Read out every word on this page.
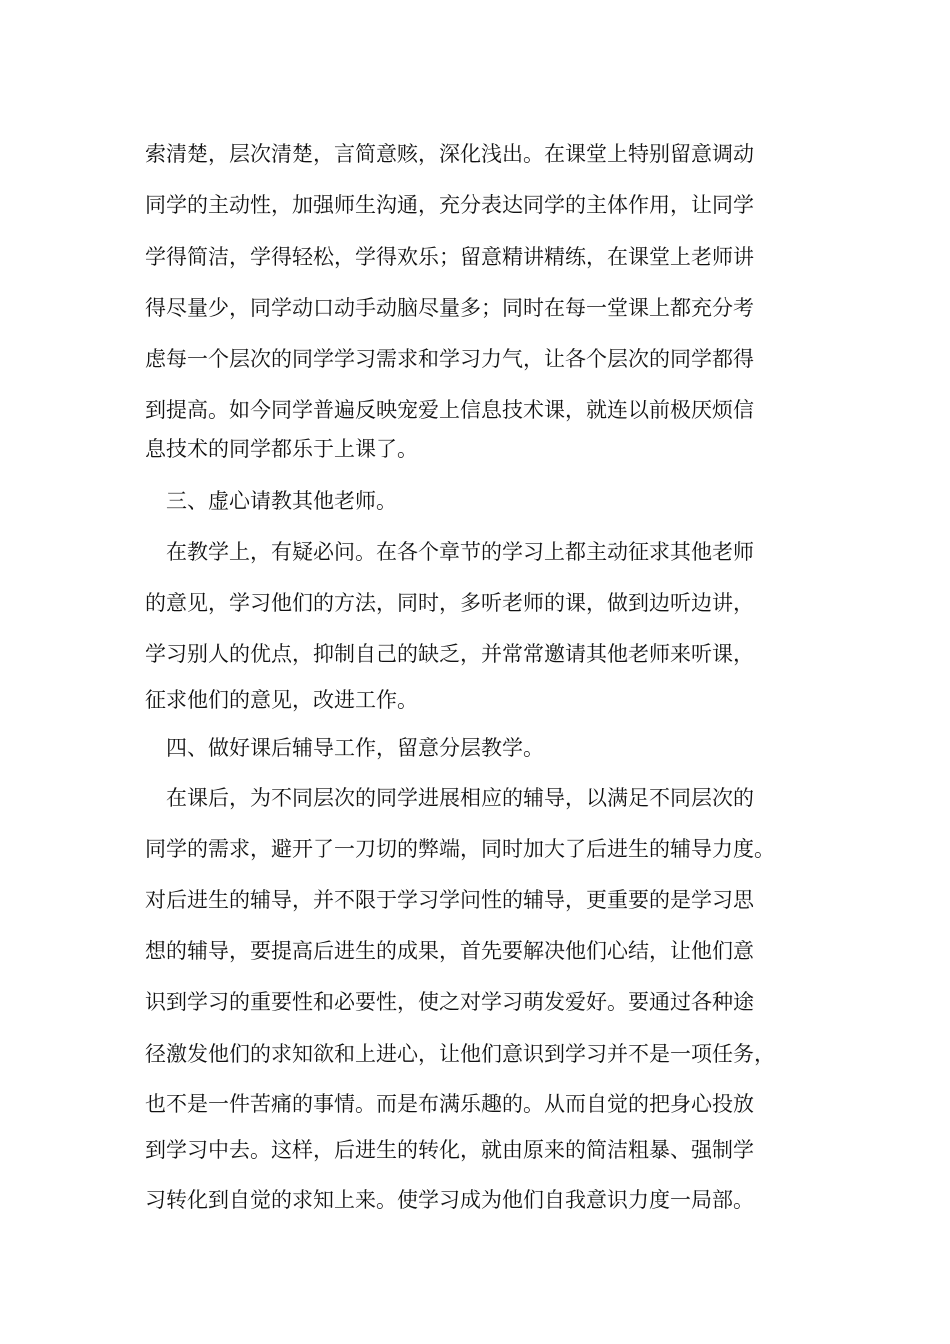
索清楚，层次清楚，言简意赅，深化浅出。在课堂上特别留意调动
同学的主动性，加强师生沟通，充分表达同学的主体作用，让同学
学得简洁，学得轻松，学得欢乐；留意精讲精练，在课堂上老师讲
得尽量少，同学动口动手动脑尽量多；同时在每一堂课上都充分考
虑每一个层次的同学学习需求和学习力气，让各个层次的同学都得
到提高。如今同学普遍反映宠爱上信息技术课，就连以前极厌烦信
息技术的同学都乐于上课了。
三、虚心请教其他老师。
在教学上，有疑必问。在各个章节的学习上都主动征求其他老师
的意见，学习他们的方法，同时，多听老师的课，做到边听边讲，
学习别人的优点，抑制自己的缺乏，并常常邀请其他老师来听课，
征求他们的意见，改进工作。
四、做好课后辅导工作，留意分层教学。
在课后，为不同层次的同学进展相应的辅导，以满足不同层次的
同学的需求，避开了一刀切的弊端，同时加大了后进生的辅导力度。
对后进生的辅导，并不限于学习学问性的辅导，更重要的是学习思
想的辅导，要提高后进生的成果，首先要解决他们心结，让他们意
识到学习的重要性和必要性，使之对学习萌发爱好。要通过各种途
径激发他们的求知欲和上进心，让他们意识到学习并不是一项任务，
也不是一件苦痛的事情。而是布满乐趣的。从而自觉的把身心投放
到学习中去。这样，后进生的转化，就由原来的简洁粗暴、强制学
习转化到自觉的求知上来。使学习成为他们自我意识力度一局部。
